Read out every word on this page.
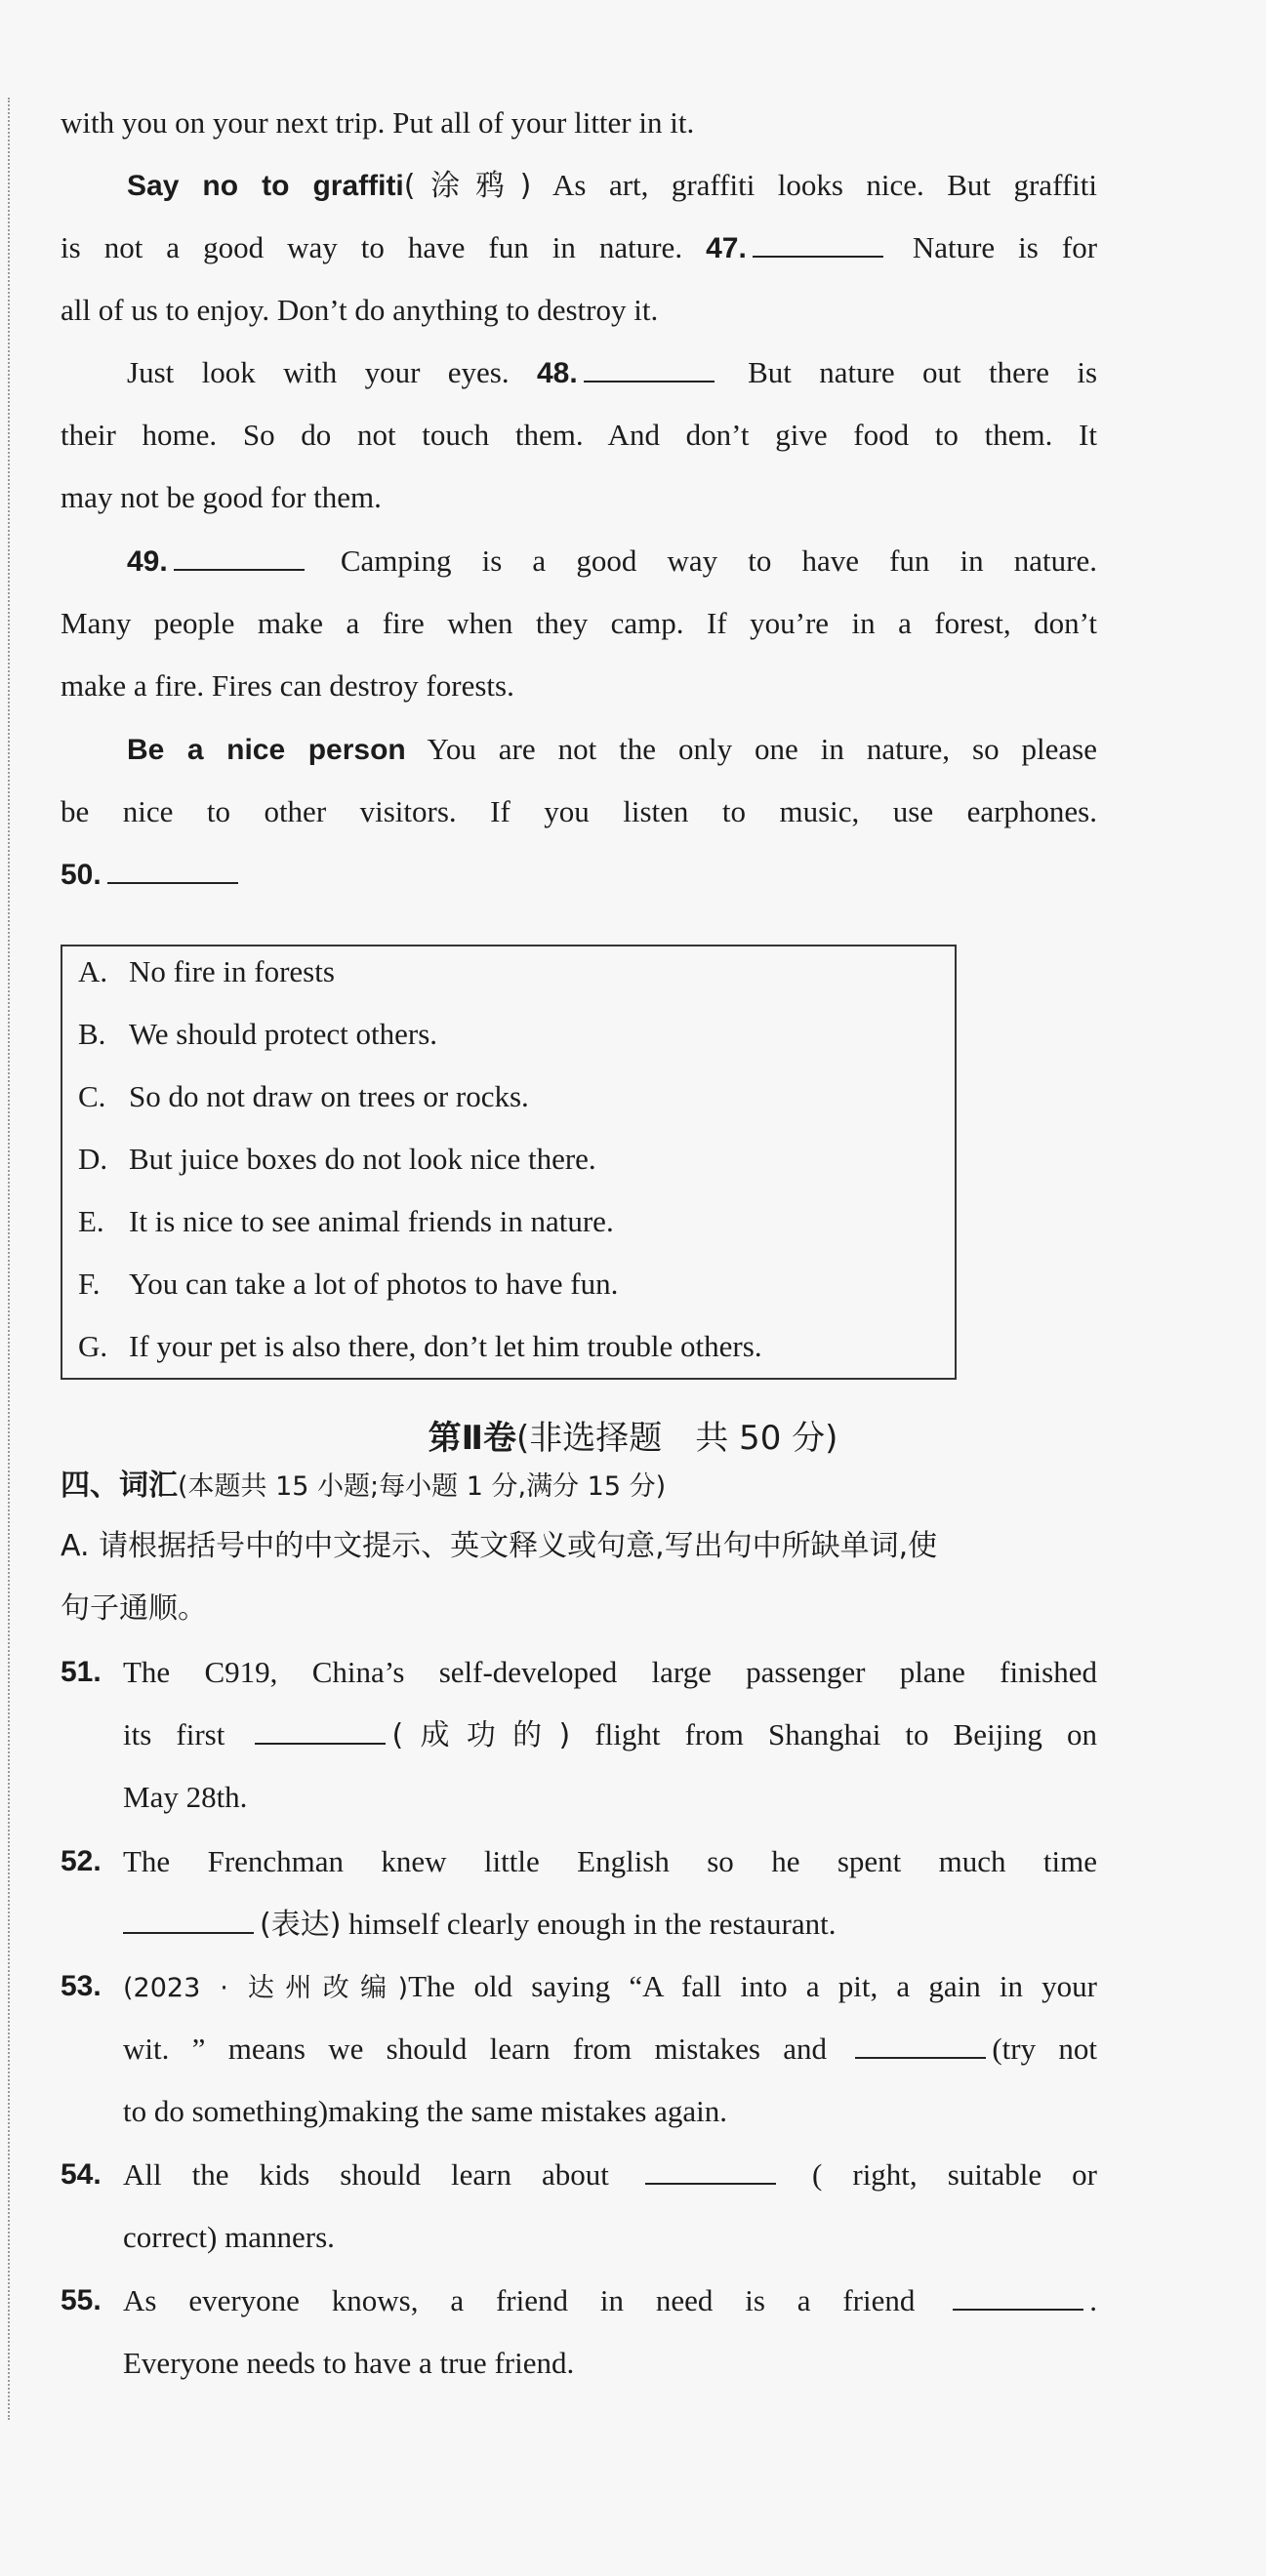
with you on your next trip. Put all of your litter in it.
Say no to graffiti(涂鸦) As art, graffiti looks nice. But graffiti
is not a good way to have fun in nature. 47.	Nature is for
all of us to enjoy. Don’t do anything to destroy it.
Just look with your eyes. 48.	But nature out there is
their home. So do not touch them. And don’t give food to them. It
may not be good for them.
49.	Camping is a good way to have fun in nature.
Many people make a fire when they camp. If you’re in a forest, don’t
make a fire. Fires can destroy forests.
Be a nice person You are not the only one in nature, so please
be nice to other visitors. If you listen to music, use earphones.
50.
A. No fire in forests
B. We should protect others.
C. So do not draw on trees or rocks.
D. But juice boxes do not look nice there.
E. It is nice to see animal friends in nature.
F. You can take a lot of photos to have fun.
G. If your pet is also there, don’t let him trouble others.
第Ⅱ卷(非选择题　共 50 分)
四、词汇(本题共 15 小题;每小题 1 分,满分 15 分)
A. 请根据括号中的中文提示、英文释义或句意,写出句中所缺单词,使
句子通顺。
51. The C919, China’s self-developed large passenger plane finished
its first	(成功的) flight from Shanghai to Beijing on
May 28th.
52. The Frenchman knew little English so he spent much time
(表达) himself clearly enough in the restaurant.
53. (2023 · 达州改编)The old saying “A fall into a pit, a gain in your
wit. ” means we should learn from mistakes and	(try not
to do something)making the same mistakes again.
54. All the kids should learn about	( right, suitable or
correct) manners.
55. As everyone knows, a friend in need is a friend	.
Everyone needs to have a true friend.
